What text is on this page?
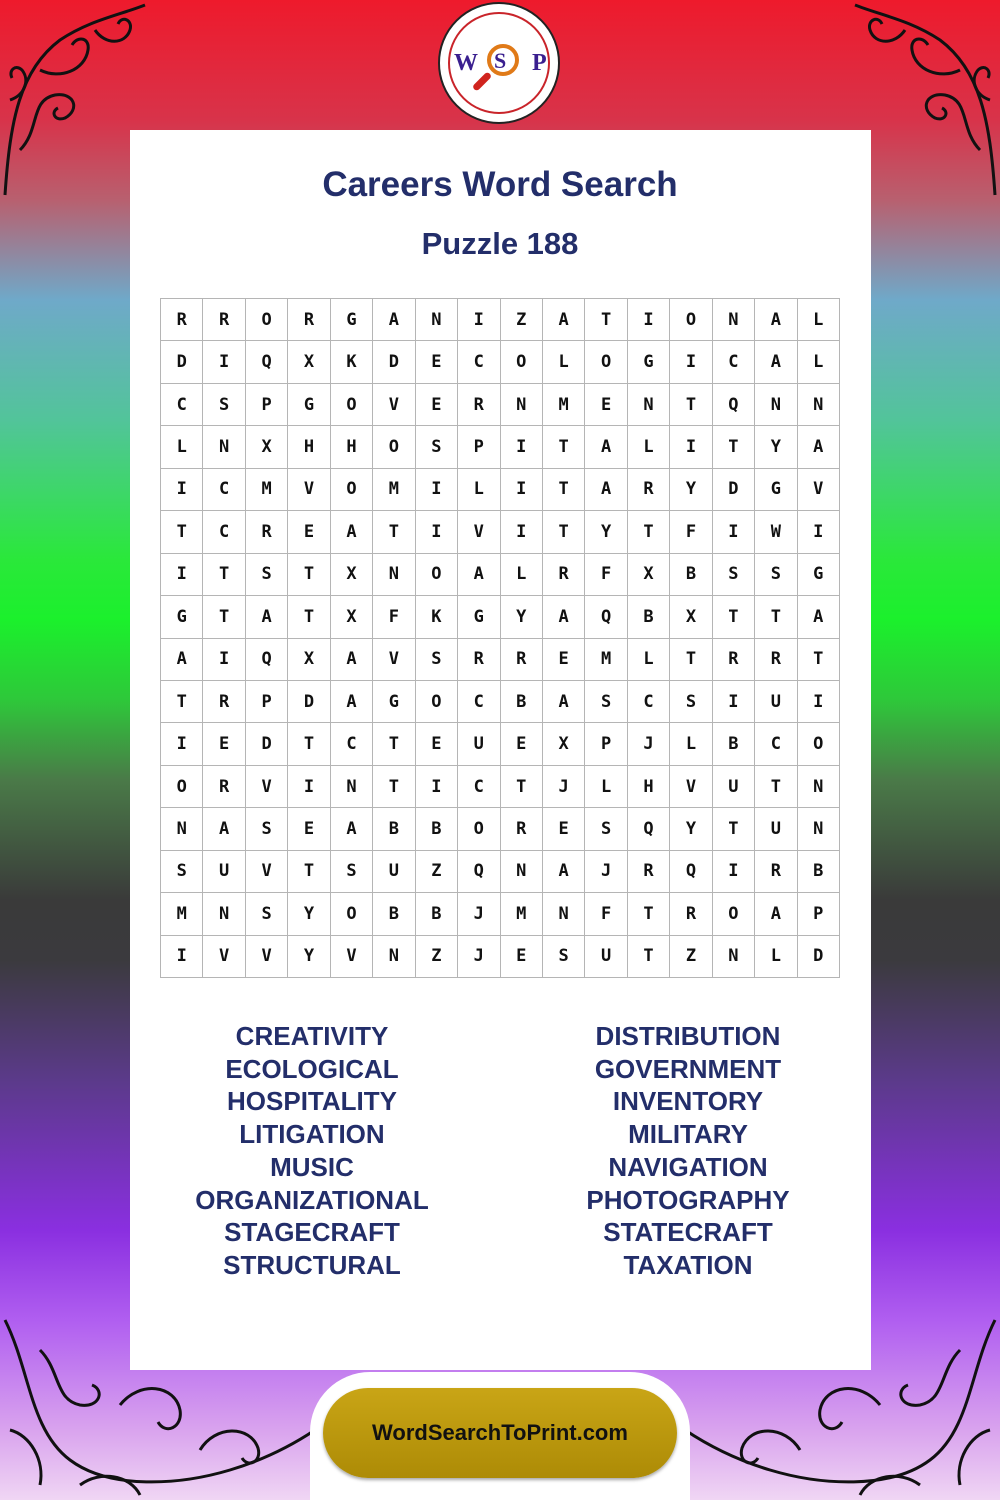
W S P
Careers Word Search
Puzzle 188
R	R	O	R	G	A	N	I	Z	A	T	I	O	N	A	L
D	I	Q	X	K	D	E	C	O	L	O	G	I	C	A	L
C	S	P	G	O	V	E	R	N	M	E	N	T	Q	N	N
L	N	X	H	H	O	S	P	I	T	A	L	I	T	Y	A
I	C	M	V	O	M	I	L	I	T	A	R	Y	D	G	V
T	C	R	E	A	T	I	V	I	T	Y	T	F	I	W	I
I	T	S	T	X	N	O	A	L	R	F	X	B	S	S	G
G	T	A	T	X	F	K	G	Y	A	Q	B	X	T	T	A
A	I	Q	X	A	V	S	R	R	E	M	L	T	R	R	T
T	R	P	D	A	G	O	C	B	A	S	C	S	I	U	I
I	E	D	T	C	T	E	U	E	X	P	J	L	B	C	O
O	R	V	I	N	T	I	C	T	J	L	H	V	U	T	N
N	A	S	E	A	B	B	O	R	E	S	Q	Y	T	U	N
S	U	V	T	S	U	Z	Q	N	A	J	R	Q	I	R	B
M	N	S	Y	O	B	B	J	M	N	F	T	R	O	A	P
I	V	V	Y	V	N	Z	J	E	S	U	T	Z	N	L	D
CREATIVITY
ECOLOGICAL
HOSPITALITY
LITIGATION
MUSIC
ORGANIZATIONAL
STAGECRAFT
STRUCTURAL
DISTRIBUTION
GOVERNMENT
INVENTORY
MILITARY
NAVIGATION
PHOTOGRAPHY
STATECRAFT
TAXATION
WordSearchToPrint.com
